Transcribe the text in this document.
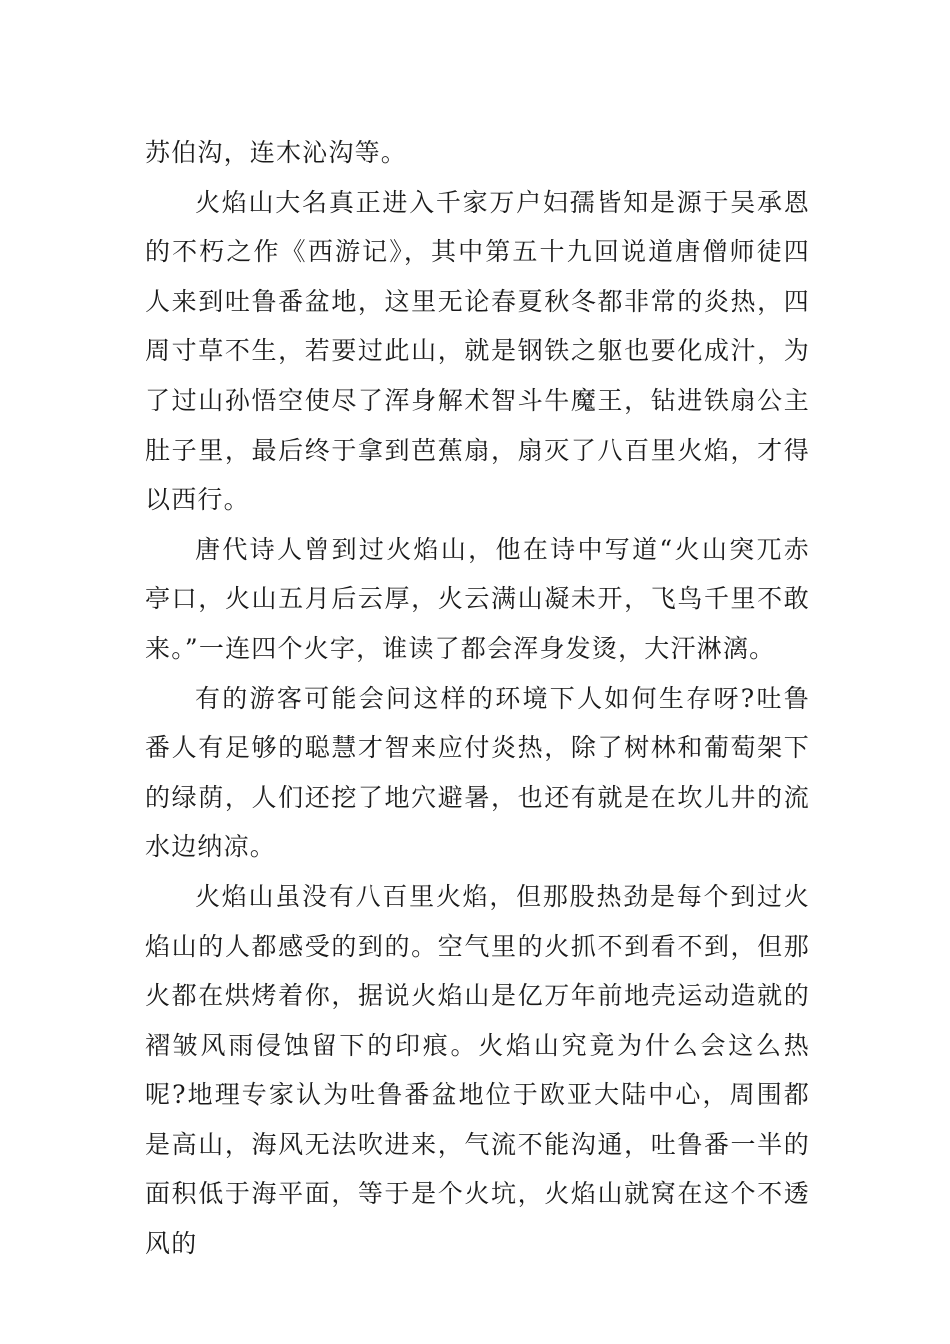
苏伯沟，连木沁沟等。

火焰山大名真正进入千家万户妇孺皆知是源于吴承恩的不朽之作《西游记》，其中第五十九回说道唐僧师徒四人来到吐鲁番盆地，这里无论春夏秋冬都非常的炎热，四周寸草不生，若要过此山，就是钢铁之躯也要化成汁，为了过山孙悟空使尽了浑身解术智斗牛魔王，钻进铁扇公主肚子里，最后终于拿到芭蕉扇，扇灭了八百里火焰，才得以西行。

唐代诗人曾到过火焰山，他在诗中写道“火山突兀赤亭口，火山五月后云厚，火云满山凝未开，飞鸟千里不敢来。”一连四个火字，谁读了都会浑身发烫，大汗淋漓。

有的游客可能会问这样的环境下人如何生存呀?吐鲁番人有足够的聪慧才智来应付炎热，除了树林和葡萄架下的绿荫，人们还挖了地穴避暑，也还有就是在坎儿井的流水边纳凉。

火焰山虽没有八百里火焰，但那股热劲是每个到过火焰山的人都感受的到的。空气里的火抓不到看不到，但那火都在烘烤着你，据说火焰山是亿万年前地壳运动造就的褶皱风雨侵蚀留下的印痕。火焰山究竟为什么会这么热呢?地理专家认为吐鲁番盆地位于欧亚大陆中心，周围都是高山，海风无法吹进来，气流不能沟通，吐鲁番一半的面积低于海平面，等于是个火坑，火焰山就窝在这个不透风的
